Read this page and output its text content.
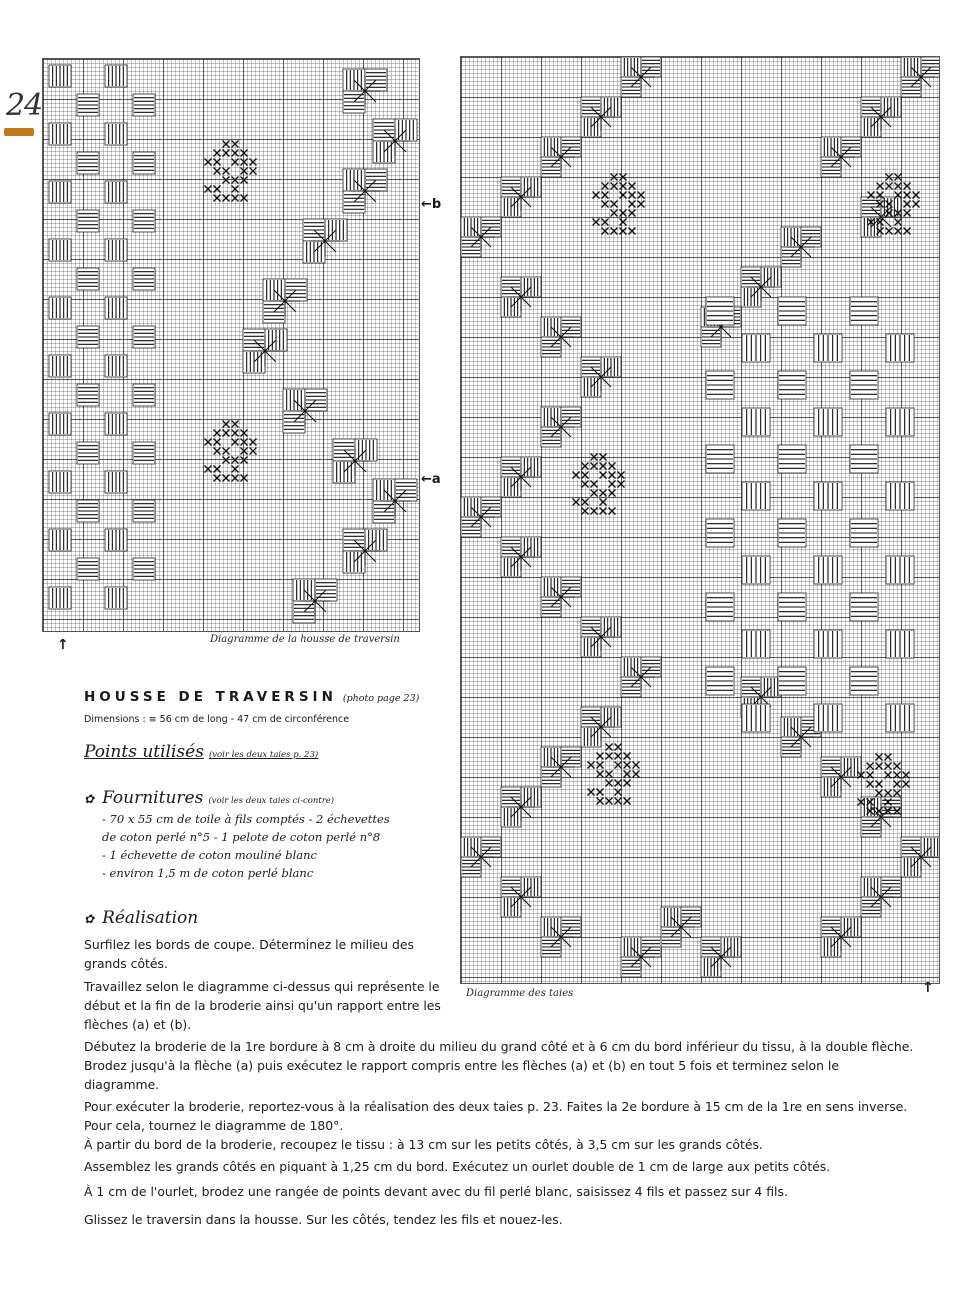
24
←b
←a
↑	Diagramme de la housse de traversin
Diagramme des taies	↑
HOUSSE DE TRAVERSIN (photo page 23)
Dimensions : ≡ 56 cm de long - 47 cm de circonférence
Points utilisés (voir les deux taies p. 23)
✿ Fournitures (voir les deux taies ci-contre)
- 70 x 55 cm de toile à fils comptés - 2 échevettes
de coton perlé n°5 - 1 pelote de coton perlé n°8
- 1 échevette de coton mouliné blanc
- environ 1,5 m de coton perlé blanc
✿ Réalisation

Surfilez les bords de coupe. Déterminez le milieu des grands côtés.

Travaillez selon le diagramme ci-dessus qui représente le début et la fin de la broderie ainsi qu'un rapport entre les flèches (a) et (b).

Débutez la broderie de la 1re bordure à 8 cm à droite du milieu du grand côté et à 6 cm du bord inférieur du tissu, à la double flèche. Brodez jusqu'à la flèche (a) puis exécutez le rapport compris entre les flèches (a) et (b) en tout 5 fois et terminez selon le diagramme.

Pour exécuter la broderie, reportez-vous à la réalisation des deux taies p. 23. Faites la 2e bordure à 15 cm de la 1re en sens inverse. Pour cela, tournez le diagramme de 180°.

À partir du bord de la broderie, recoupez le tissu : à 13 cm sur les petits côtés, à 3,5 cm sur les grands côtés.

Assemblez les grands côtés en piquant à 1,25 cm du bord. Exécutez un ourlet double de 1 cm de large aux petits côtés.

À 1 cm de l'ourlet, brodez une rangée de points devant avec du fil perlé blanc, saisissez 4 fils et passez sur 4 fils.

Glissez le traversin dans la housse. Sur les côtés, tendez les fils et nouez-les.
